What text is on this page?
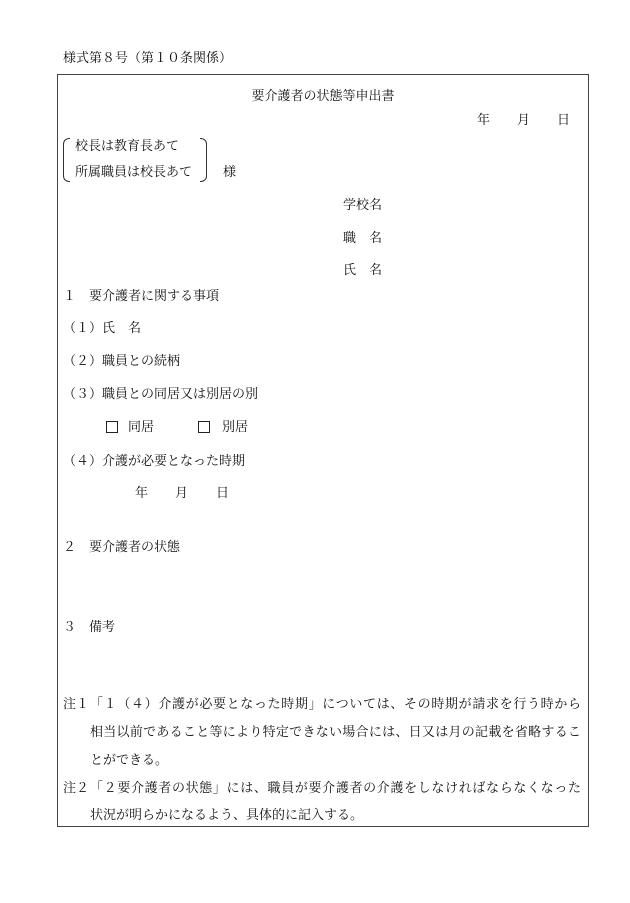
様式第８号（第１０条関係）
要介護者の状態等申出書
年 月 日
校長は教育長あて
所属職員は校長あて 様
学校名
職　名
氏　名
１　要介護者に関する事項
（１）氏　名
（２）職員との続柄
（３）職員との同居又は別居の別
同居	別居
（４）介護が必要となった時期
年 月 日
２　要介護者の状態
３　備考
注１ 「１（４）介護が必要となった時期」については、その時期が請求を行う時から
相当以前であること等により特定できない場合には、日又は月の記載を省略するこ
とができる。
注２ 「２要介護者の状態」には、職員が要介護者の介護をしなければならなくなった
状況が明らかになるよう、具体的に記入する。
